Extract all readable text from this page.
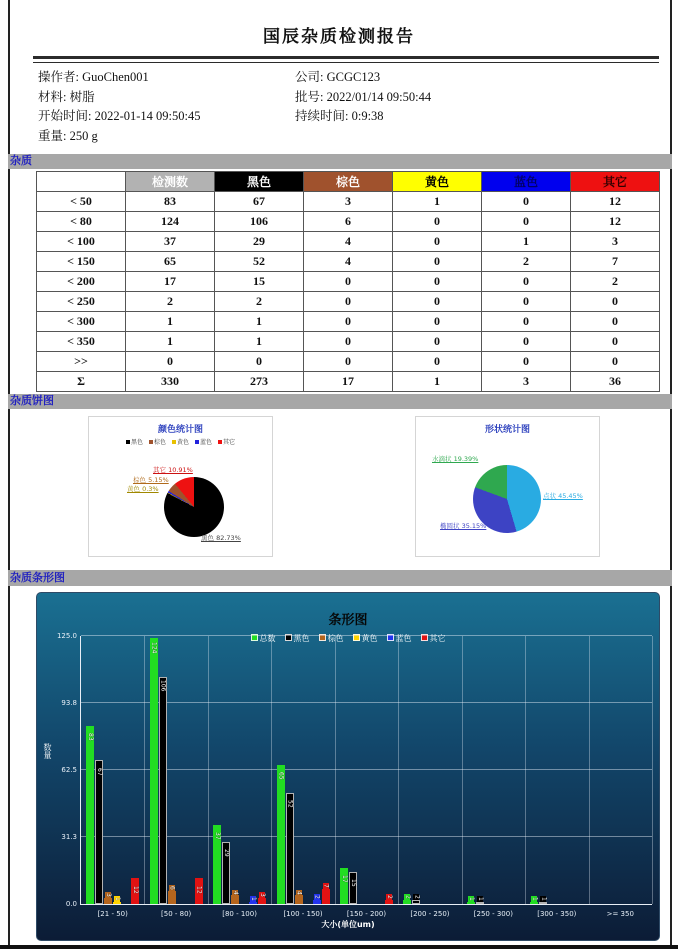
国辰杂质检测报告
操作者: GuoChen001
材料: 树脂
开始时间: 2022-01-14 09:50:45
重量: 250 g
公司: GCGC123
批号: 2022/01/14 09:50:44
持续时间: 0:9:38
杂质
	检测数	黑色	棕色	黄色	蓝色	其它
< 50	83	67	3	1	0	12
< 80	124	106	6	0	0	12
< 100	37	29	4	0	1	3
< 150	65	52	4	0	2	7
< 200	17	15	0	0	0	2
< 250	2	2	0	0	0	0
< 300	1	1	0	0	0	0
< 350	1	1	0	0	0	0
>>	0	0	0	0	0	0
Σ	330	273	17	1	3	36
杂质饼图
颜色统计图
黑色	棕色	黄色	蓝色	其它
其它 10.91%
棕色 5.15%
黄色 0.3%
黑色 82.73%
形状统计图
水滴状 19.39%
点状 45.45%
椭圆状 35.15%
杂质条形图
条形图
总数	黑色	棕色	黄色	蓝色	其它
数量
0.0
31.3
62.5
93.8
125.0
[21 - 50)	[50 - 80)	[80 - 100)	[100 - 150)	[150 - 200)	[200 - 250)	[250 - 300)	[300 - 350)	>= 350
83
124
37
65
17
2
1	1
67
106
29
52
15
2
1	1
3
6
4	4
1	1
2
12	12
3
7
2
大小(单位um)
